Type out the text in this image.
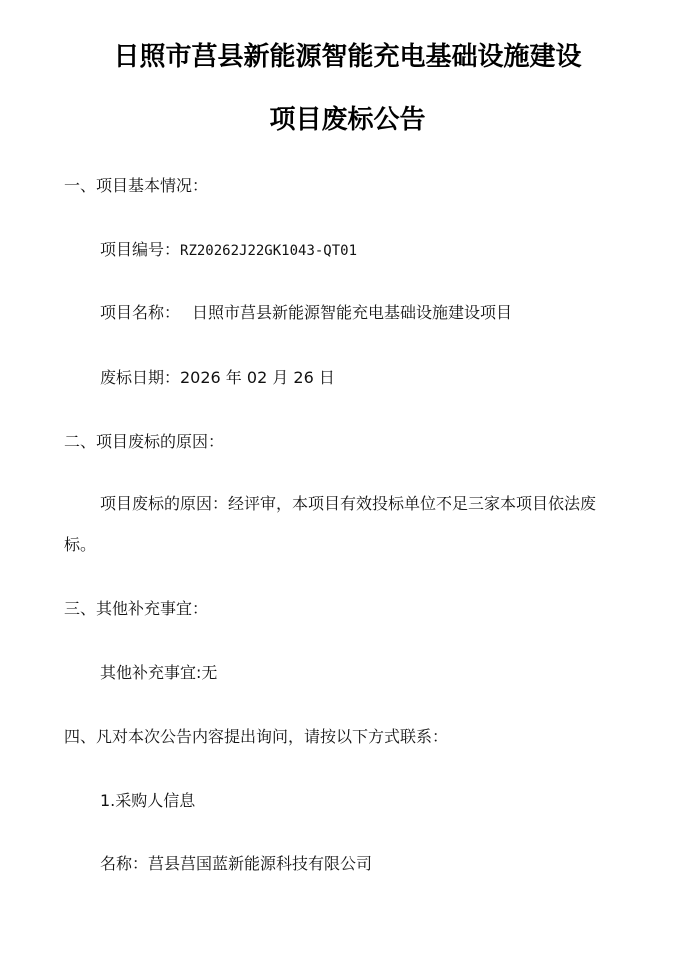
日照市莒县新能源智能充电基础设施建设
项目废标公告
一、项目基本情况：
项目编号：RZ20262J22GK1043-QT01
项目名称： 日照市莒县新能源智能充电基础设施建设项目
废标日期：2026 年 02 月 26 日
二、项目废标的原因：
项目废标的原因：经评审，本项目有效投标单位不足三家本项目依法废标。
三、其他补充事宜：
其他补充事宜:无
四、凡对本次公告内容提出询问，请按以下方式联系：
1.采购人信息
名称：莒县莒国蓝新能源科技有限公司
